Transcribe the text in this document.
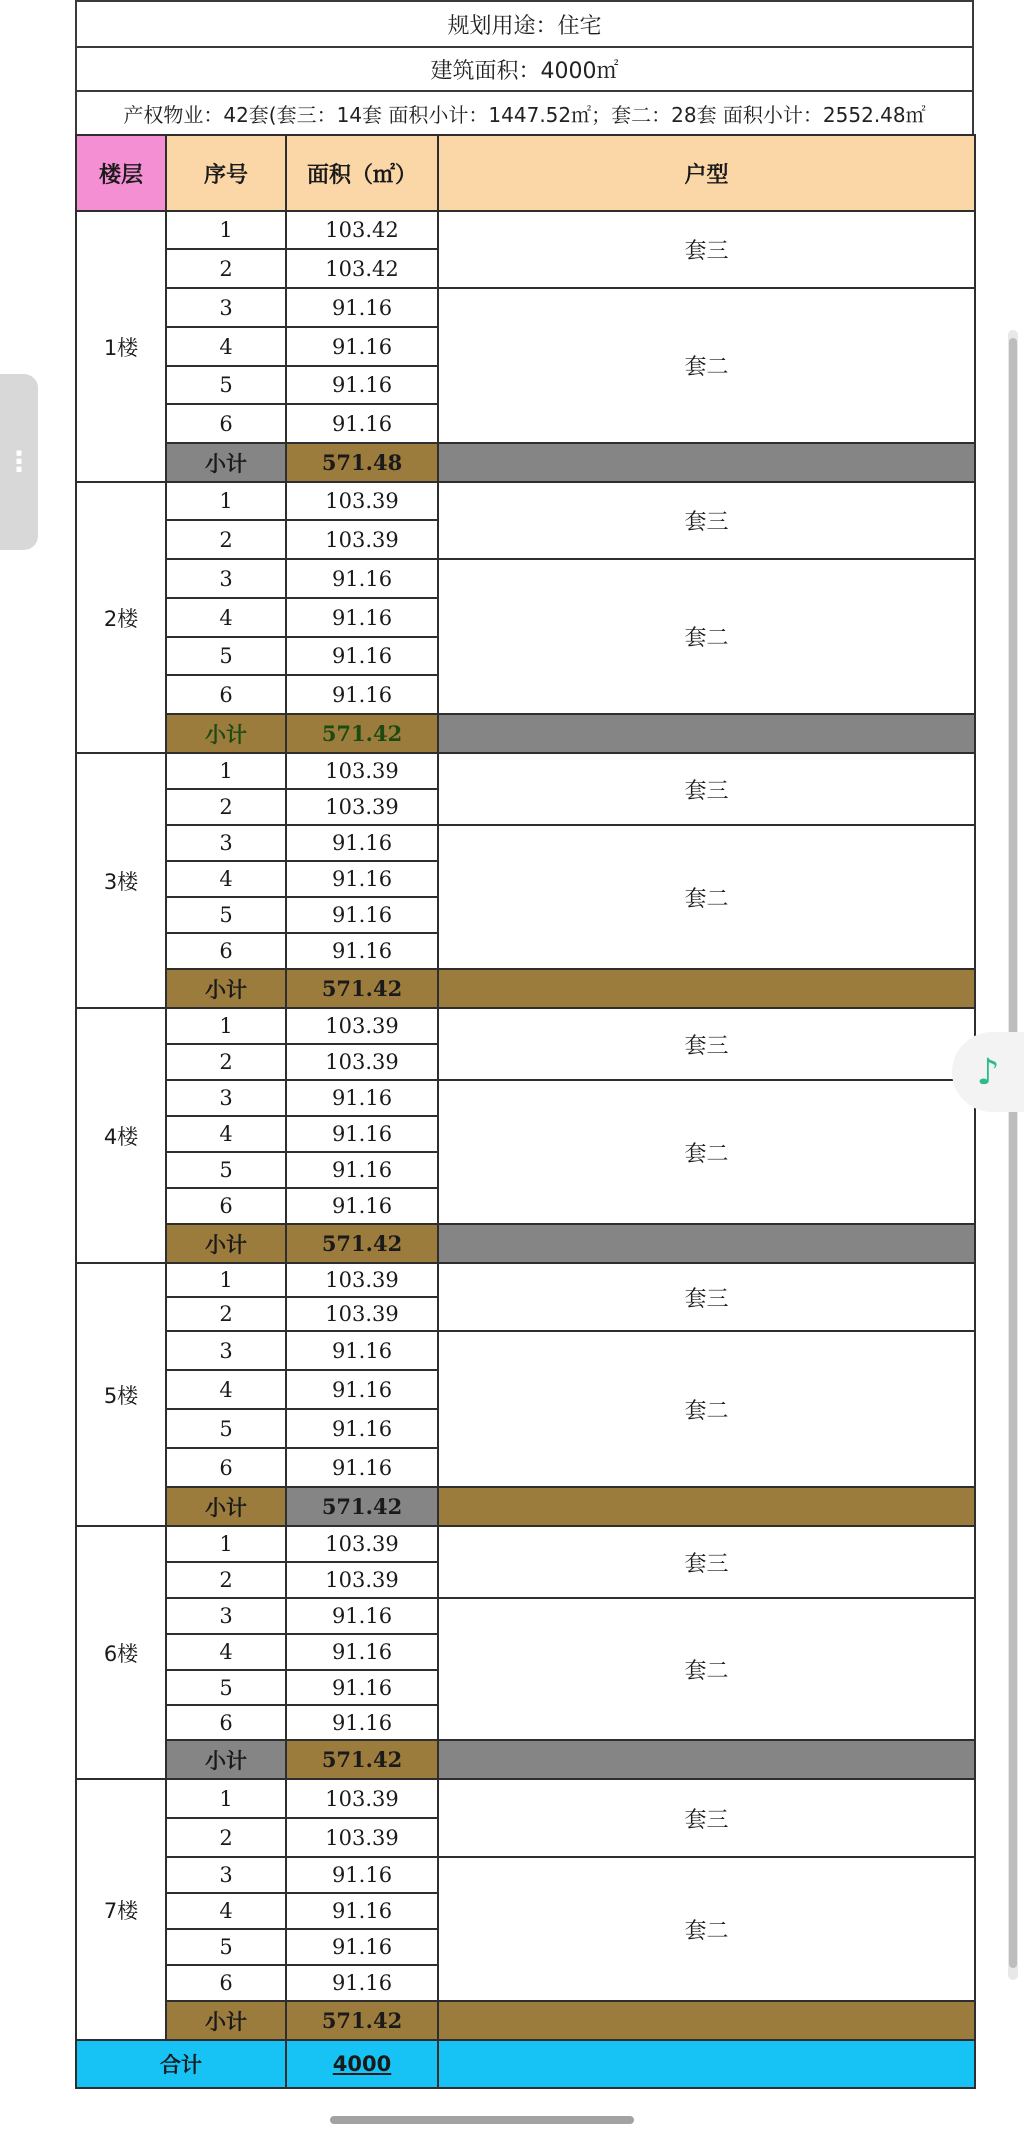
规划用途：住宅
建筑面积：4000㎡
产权物业：42套(套三：14套 面积小计：1447.52㎡；套二：28套 面积小计：2552.48㎡
楼层	序号	面积（㎡）	户型
1楼	1	103.42	套三
	2	103.42	
	3	91.16	套二
	4	91.16	
	5	91.16	
	6	91.16	
	小计	571.48	
2楼	1	103.39	套三
	2	103.39	
	3	91.16	套二
	4	91.16	
	5	91.16	
	6	91.16	
	小计	571.42	
3楼	1	103.39	套三
	2	103.39	
	3	91.16	套二
	4	91.16	
	5	91.16	
	6	91.16	
	小计	571.42	
4楼	1	103.39	套三
	2	103.39	
	3	91.16	套二
	4	91.16	
	5	91.16	
	6	91.16	
	小计	571.42	
5楼	1	103.39	套三
	2	103.39	
	3	91.16	套二
	4	91.16	
	5	91.16	
	6	91.16	
	小计	571.42	
6楼	1	103.39	套三
	2	103.39	
	3	91.16	套二
	4	91.16	
	5	91.16	
	6	91.16	
	小计	571.42	
7楼	1	103.39	套三
	2	103.39	
	3	91.16	套二
	4	91.16	
	5	91.16	
	6	91.16	
	小计	571.42	
合计		4000	
⋮
♪
